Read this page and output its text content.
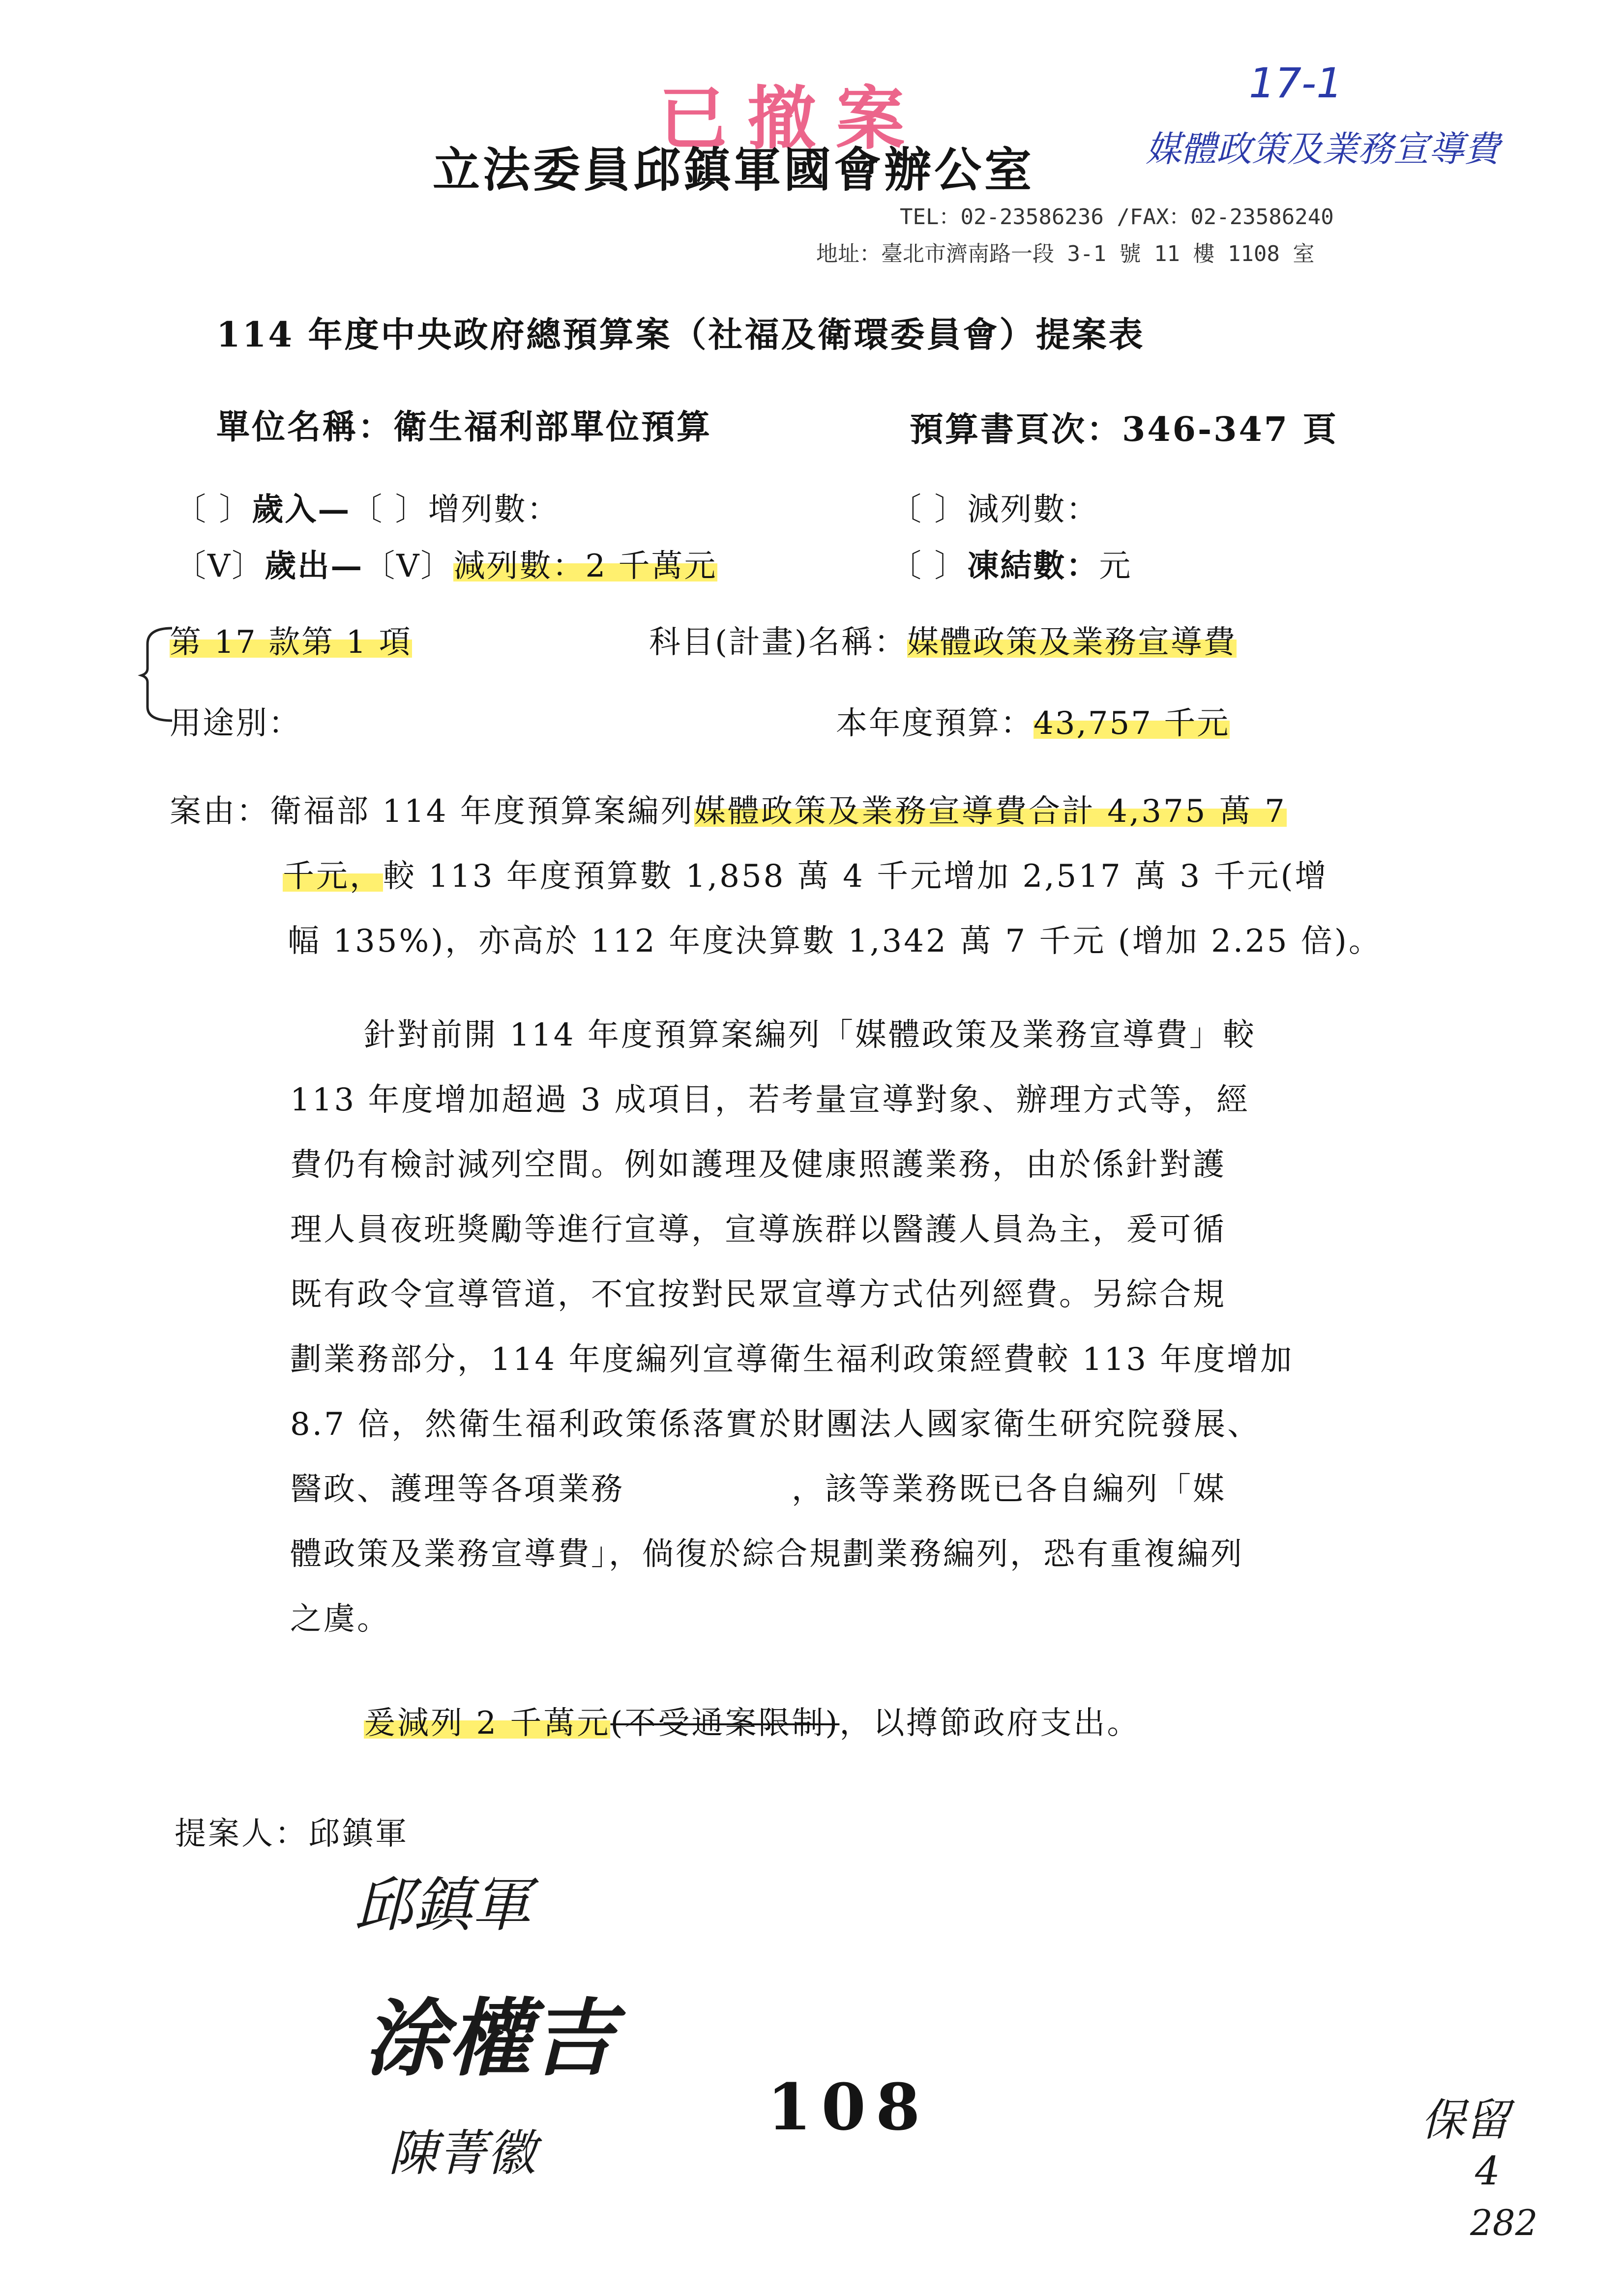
已撤案	17-1
媒體政策及業務宣導費
立法委員邱鎮軍國會辦公室
TEL：02-23586236 /FAX：02-23586240
地址：臺北市濟南路一段 3-1 號 11 樓 1108 室
114 年度中央政府總預算案（社福及衛環委員會）提案表
單位名稱：衛生福利部單位預算	預算書頁次：346-347 頁
〔 〕歲入—〔 〕增列數：	〔 〕減列數：
〔V〕歲出—〔V〕減列數：2 千萬元	〔 〕凍結數：元
第 17 款第 1 項
用途別：
科目(計畫)名稱：媒體政策及業務宣導費
本年度預算：43,757 千元
案由：衛福部 114 年度預算案編列媒體政策及業務宣導費合計 4,375 萬 7
千元，較 113 年度預算數 1,858 萬 4 千元增加 2,517 萬 3 千元(增
幅 135%)，亦高於 112 年度決算數 1,342 萬 7 千元 (增加 2.25 倍)。
針對前開 114 年度預算案編列「媒體政策及業務宣導費」較
113 年度增加超過 3 成項目，若考量宣導對象、辦理方式等，經
費仍有檢討減列空間。例如護理及健康照護業務，由於係針對護
理人員夜班獎勵等進行宣導，宣導族群以醫護人員為主，爰可循
既有政令宣導管道，不宜按對民眾宣導方式估列經費。另綜合規
劃業務部分，114 年度編列宣導衛生福利政策經費較 113 年度增加
8.7 倍，然衛生福利政策係落實於財團法人國家衛生研究院發展、
醫政、護理等各項業務　　　　　，該等業務既已各自編列「媒
體政策及業務宣導費」，倘復於綜合規劃業務編列，恐有重複編列
之虞。
爰減列 2 千萬元(不受通案限制)，以撙節政府支出。
提案人：邱鎮軍
邱鎮軍
涂權吉
陳菁徽
108	保留
4
282
